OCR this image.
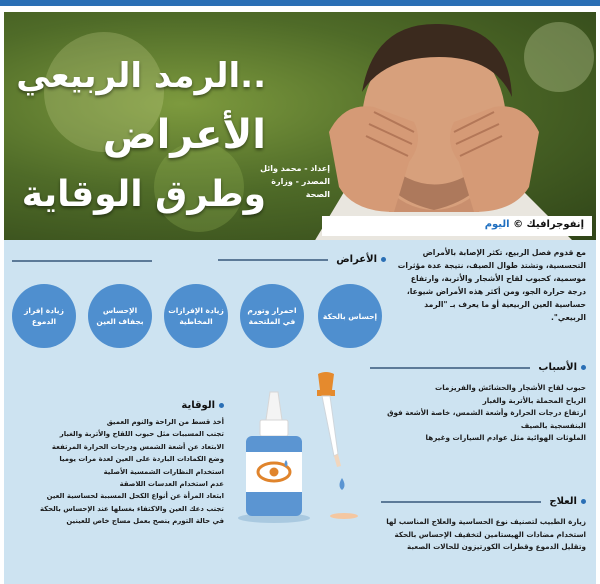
الرمد الربيعي..
الأعراض
وطرق الوقاية
إعداد - محمد وائل
المصدر - وزارة الصحة
إنفوجرافيك © اليوم
مع قدوم فصل الربيع، تكثر الإصابة بالأمراض التحسسية، وتشتد طوال الصيف، نتيجة عدة مؤثرات موسمية، كحبوب لقاح الأشجار والأتربة، وارتفاع درجة حرارة الجو، ومن أكثر هذه الأمراض شيوعا، حساسية العين الربيعية أو ما يعرف بـ "الرمد الربيعي".
الأعراض
إحساس بالحكة
احمرار وتورم في الملتحمة
زيادة الإفرازات المخاطية
الإحساس بجفاف العين
زيادة إفراز الدموع
الأسباب
حبوب لقاح الأشجار والحشائش والفريزمات
الرياح المحملة بالأتربة والغبار
ارتفاع درجات الحرارة وأشعة الشمس، خاصة الأشعة فوق البنفسجية بالصيف
الملوثات الهوائية مثل عوادم السيارات وغيرها
العلاج
زيارة الطبيب لتصنيف نوع الحساسية والعلاج المناسب لها
استخدام مضادات الهيستامين لتخفيف الإحساس بالحكة
وتقليل الدموع وقطرات الكورتيزون للحالات الصعبة
الوقاية
أخذ قسط من الراحة والنوم العميق
تجنب المسببات مثل حبوب اللقاح والأتربة والغبار
الابتعاد عن أشعة الشمس ودرجات الحرارة المرتفعة
وضع الكمادات الباردة على العين لعدة مرات يوميا
استخدام النظارات الشمسية الأصلية
عدم استخدام العدسات اللاصقة
ابتعاد المرأة عن أنواع الكحل المسببة لحساسية العين
تجنب دعك العين والاكتفاء بغسلها عند الإحساس بالحكة
في حالة التورم ينصح بعمل مساج خاص للعينين
